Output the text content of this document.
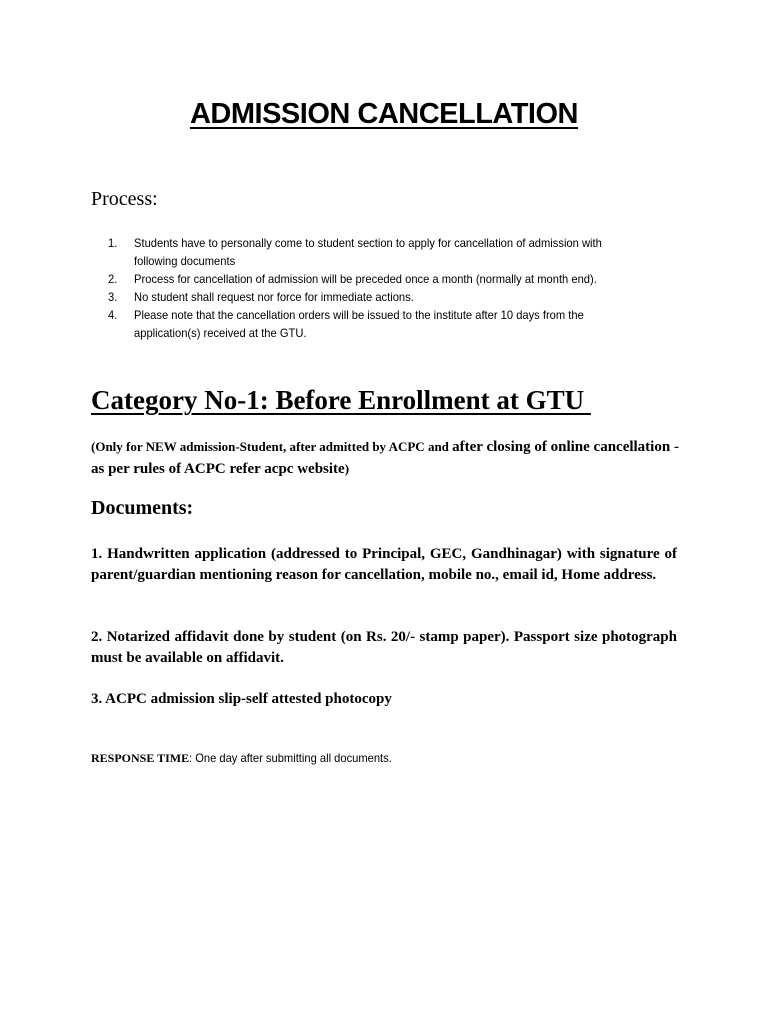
ADMISSION CANCELLATION
Process:
1.	Students have to personally come to student section to apply for cancellation of admission with following documents
2.	Process for cancellation of admission will be preceded once a month (normally at month end).
3.	No student shall request nor force for immediate actions.
4.	Please note that the cancellation orders will be issued to the institute after 10 days from the application(s) received at the GTU.
Category No-1: Before Enrollment at GTU
(Only for NEW admission-Student, after admitted by ACPC and after closing of online cancellation - as per rules of ACPC refer acpc website)
Documents:
1. Handwritten application (addressed to Principal, GEC, Gandhinagar) with signature of parent/guardian mentioning reason for cancellation, mobile no., email id, Home address.
2. Notarized affidavit done by student (on Rs. 20/- stamp paper). Passport size photograph must be available on affidavit.
3. ACPC admission slip-self attested photocopy
RESPONSE TIME: One day after submitting all documents.
